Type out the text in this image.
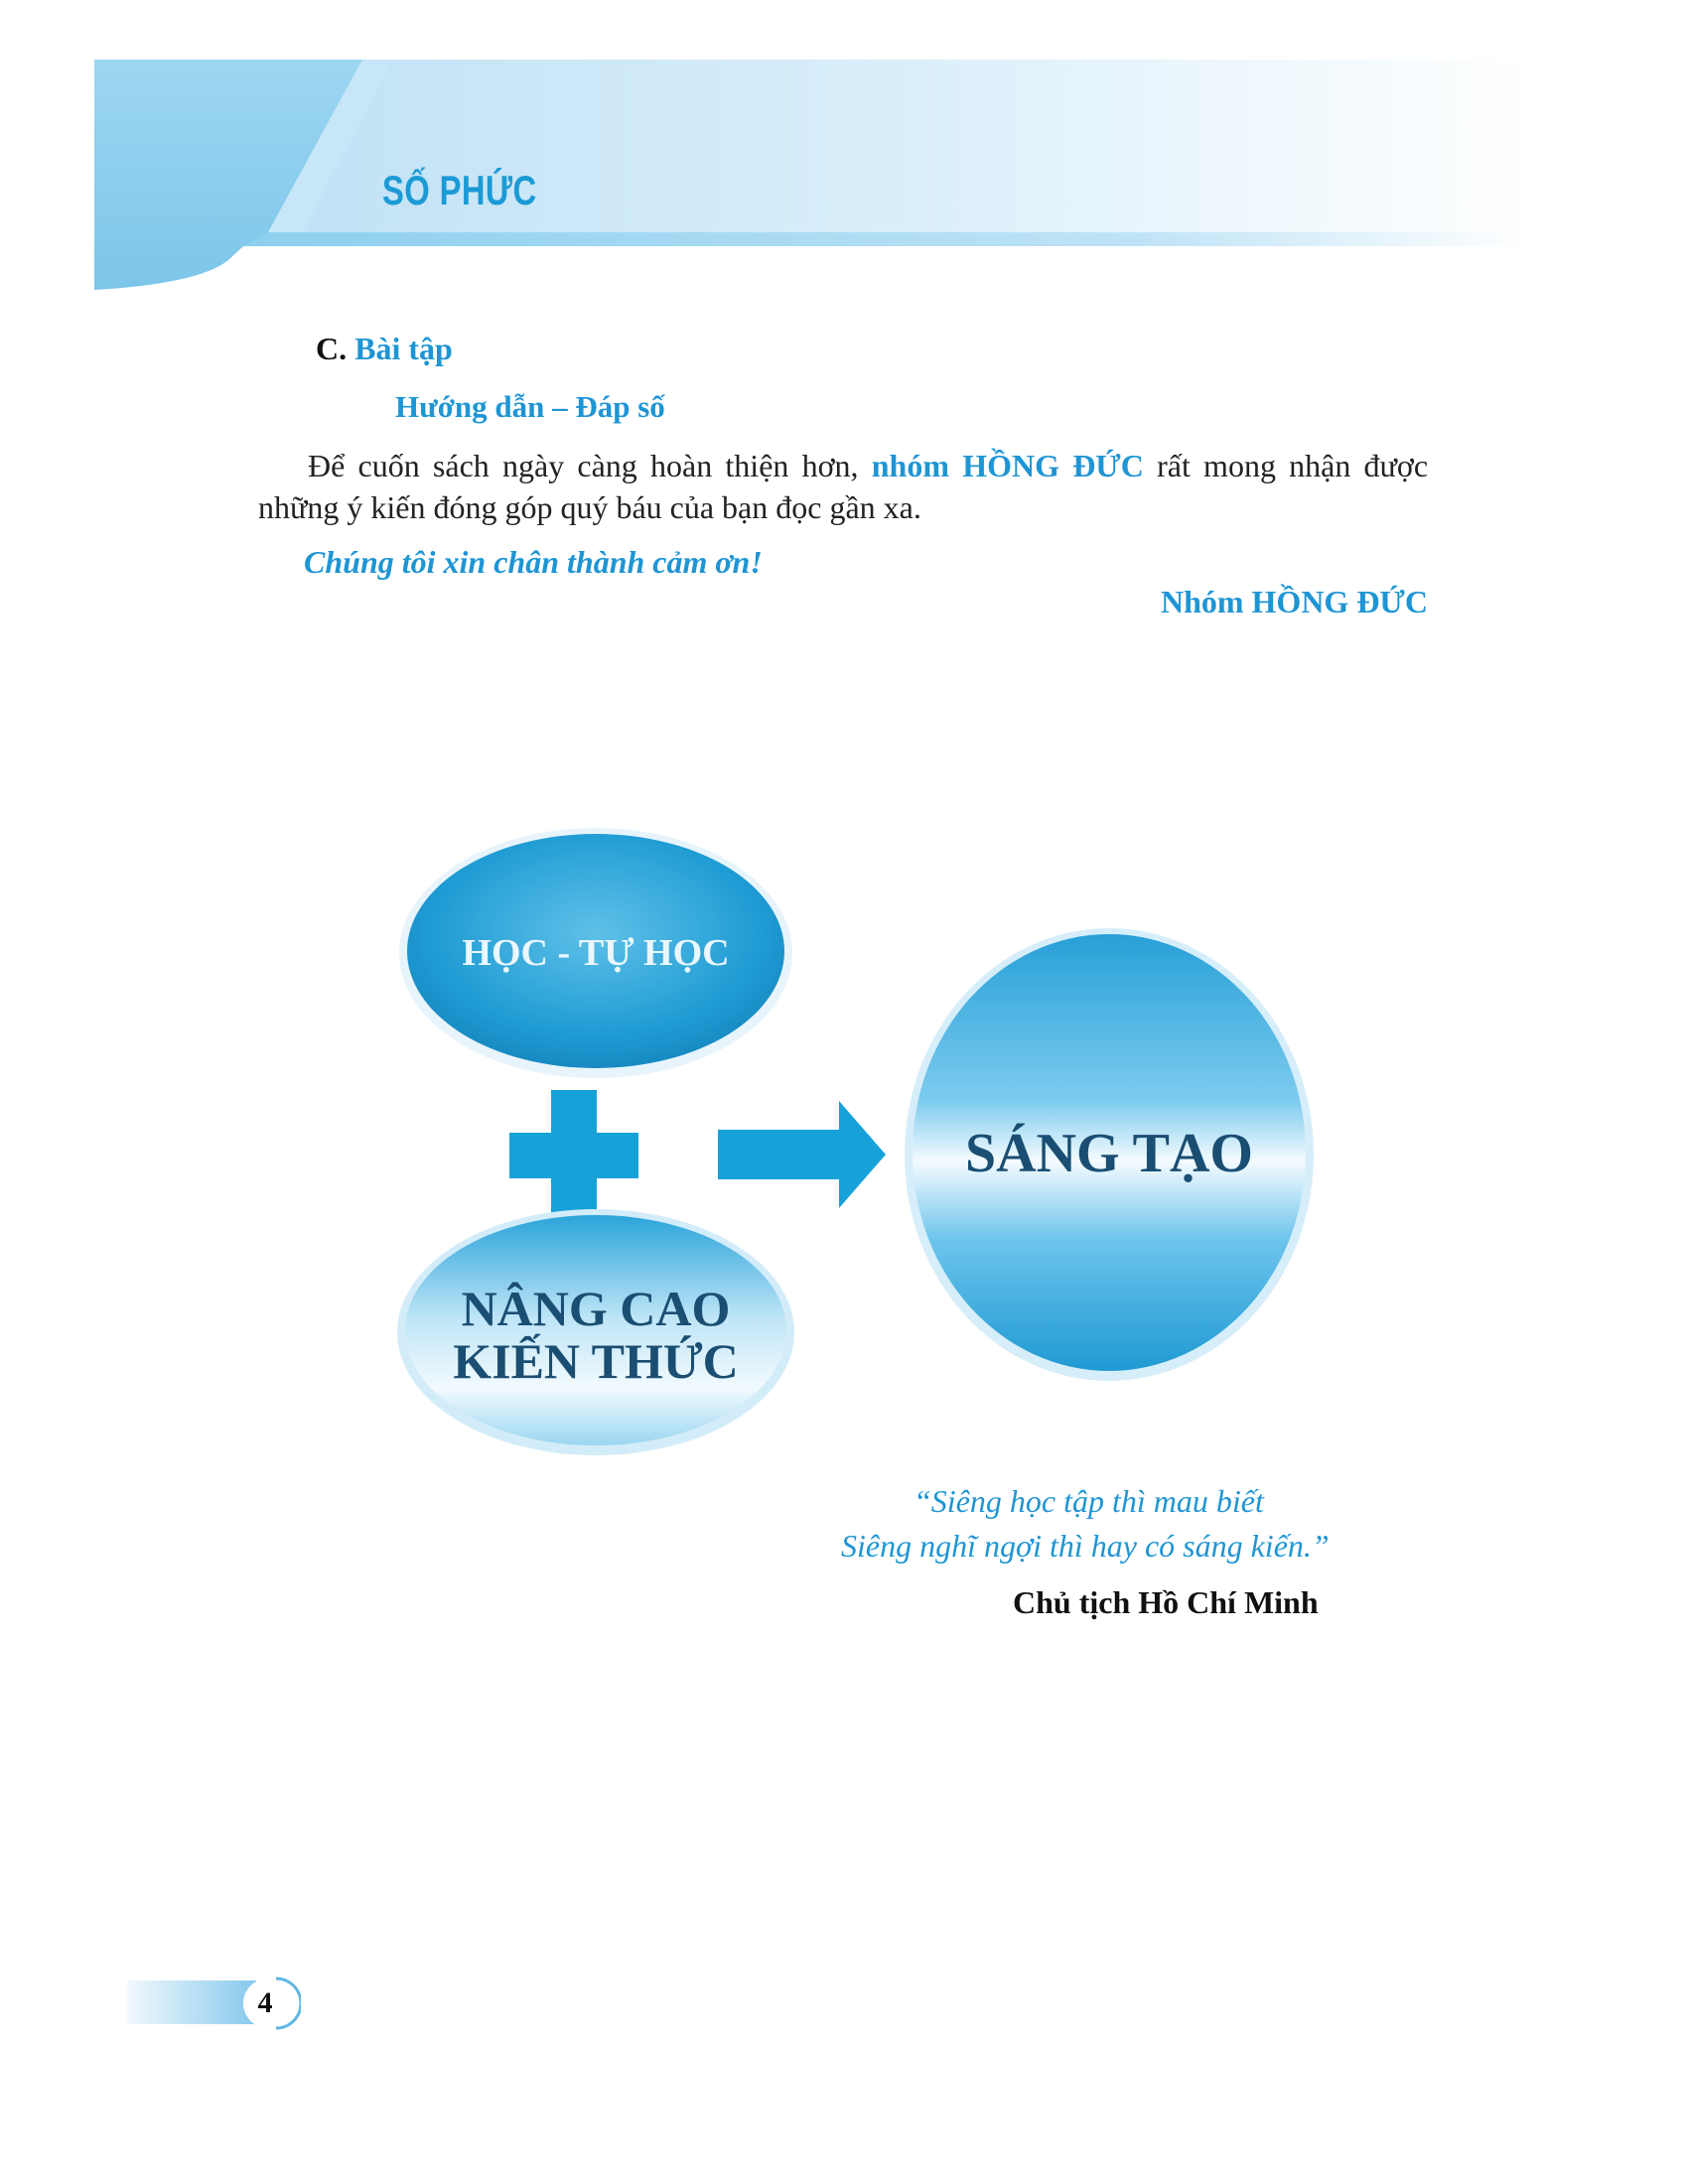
SỐ PHỨC
C. Bài tập
Hướng dẫn – Đáp số
Để cuốn sách ngày càng hoàn thiện hơn, nhóm HỒNG ĐỨC rất mong nhận được những ý kiến đóng góp quý báu của bạn đọc gần xa.
Chúng tôi xin chân thành cảm ơn!
Nhóm HỒNG ĐỨC
HỌC - TỰ HỌC
NÂNG CAO
KIẾN THỨC
SÁNG TẠO
“Siêng học tập thì mau biết
Siêng nghĩ ngợi thì hay có sáng kiến.”
Chủ tịch Hồ Chí Minh
4
